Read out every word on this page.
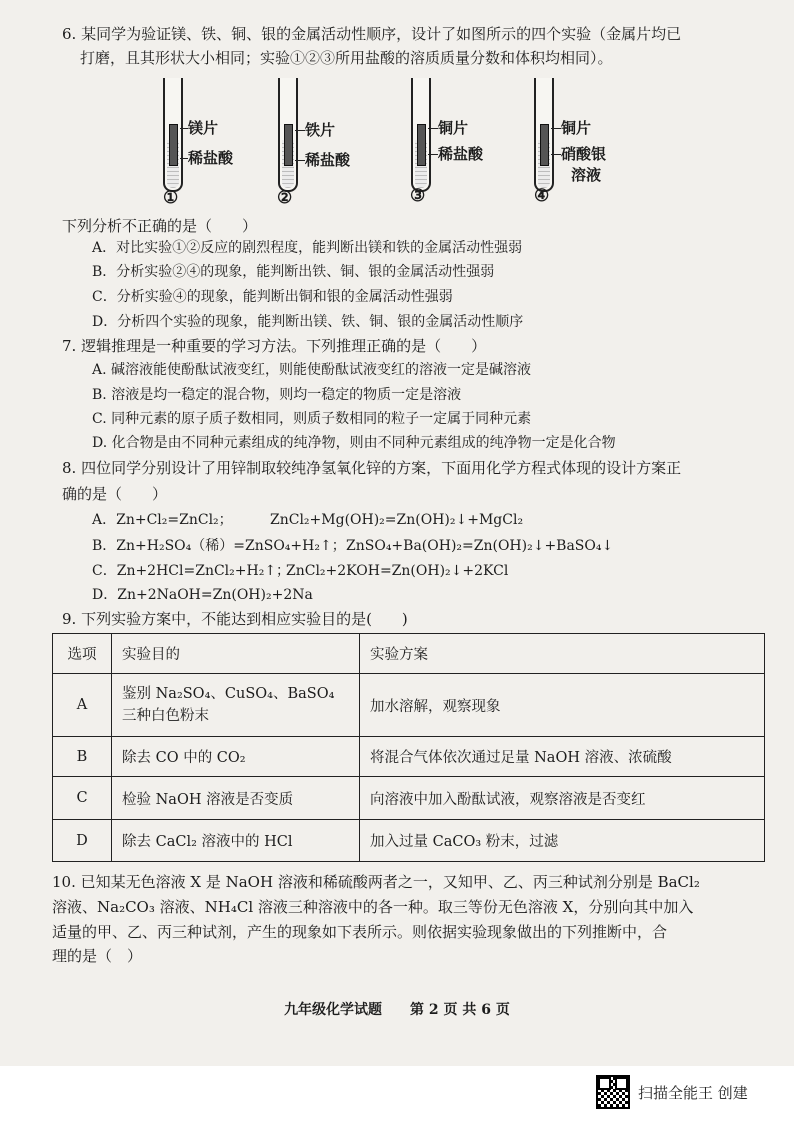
6. 某同学为验证镁、铁、铜、银的金属活动性顺序，设计了如图所示的四个实验（金属片均已
打磨，且其形状大小相同；实验①②③所用盐酸的溶质质量分数和体积均相同）。
镁片
稀盐酸
①
铁片
稀盐酸
②
铜片
稀盐酸
③
铜片
硝酸银
溶液
④
下列分析不正确的是（　　）
A．对比实验①②反应的剧烈程度，能判断出镁和铁的金属活动性强弱
B．分析实验②④的现象，能判断出铁、铜、银的金属活动性强弱
C．分析实验④的现象，能判断出铜和银的金属活动性强弱
D．分析四个实验的现象，能判断出镁、铁、铜、银的金属活动性顺序
7. 逻辑推理是一种重要的学习方法。下列推理正确的是（　　）
A. 碱溶液能使酚酞试液变红，则能使酚酞试液变红的溶液一定是碱溶液
B. 溶液是均一稳定的混合物，则均一稳定的物质一定是溶液
C. 同种元素的原子质子数相同，则质子数相同的粒子一定属于同种元素
D. 化合物是由不同种元素组成的纯净物，则由不同种元素组成的纯净物一定是化合物
8. 四位同学分别设计了用锌制取较纯净氢氧化锌的方案，下面用化学方程式体现的设计方案正
确的是（　　）
A．Zn+Cl₂=ZnCl₂；	ZnCl₂+Mg(OH)₂=Zn(OH)₂↓+MgCl₂
B．Zn+H₂SO₄（稀）=ZnSO₄+H₂↑； ZnSO₄+Ba(OH)₂=Zn(OH)₂↓+BaSO₄↓
C．Zn+2HCl=ZnCl₂+H₂↑；
ZnCl₂+2KOH=Zn(OH)₂↓+2KCl
D．Zn+2NaOH=Zn(OH)₂+2Na
9. 下列实验方案中，不能达到相应实验目的是(　　)
选项	实验目的	实验方案
A	鉴别 Na₂SO₄、CuSO₄、BaSO₄ 三种白色粉末	加水溶解，观察现象
B	除去 CO 中的 CO₂	将混合气体依次通过足量 NaOH 溶液、浓硫酸
C	检验 NaOH 溶液是否变质	向溶液中加入酚酞试液，观察溶液是否变红
D	除去 CaCl₂ 溶液中的 HCl	加入过量 CaCO₃ 粉末，过滤
10. 已知某无色溶液 X 是 NaOH 溶液和稀硫酸两者之一，又知甲、乙、丙三种试剂分别是 BaCl₂
溶液、Na₂CO₃ 溶液、NH₄Cl 溶液三种溶液中的各一种。取三等份无色溶液 X，分别向其中加入
适量的甲、乙、丙三种试剂，产生的现象如下表所示。则依据实验现象做出的下列推断中，合
理的是（　）
九年级化学试题　　第 2 页 共 6 页
扫描全能王 创建
